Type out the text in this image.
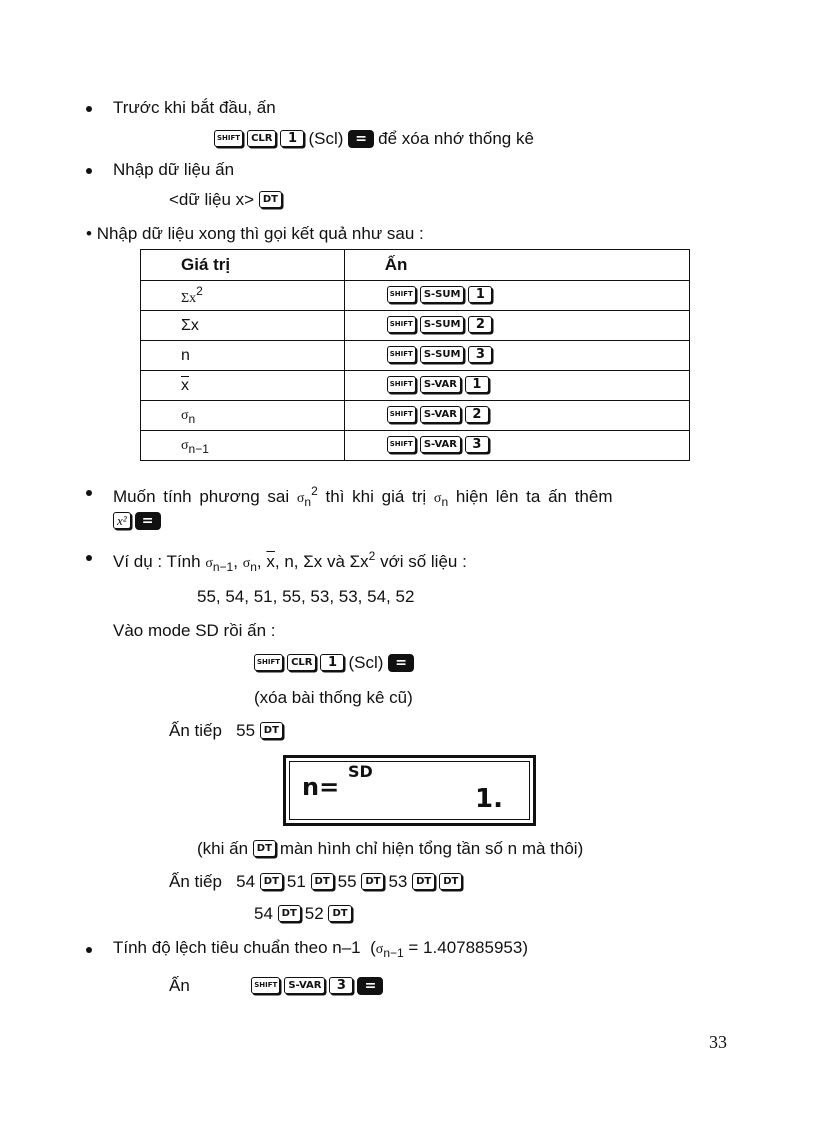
Trước khi bắt đầu, ấn
SHIFT CLR 1 (Scl) = để xóa nhớ thống kê
Nhập dữ liệu ấn
<dữ liệu x> DT
• Nhập dữ liệu xong thì gọi kết quả như sau :
Giá trị	Ấn
$\Sigma x^2$	SHIFT S-SUM 1
Σx	SHIFT S-SUM 2
n	SHIFT S-SUM 3
$\overline{x}$	SHIFT S-VAR 1
$\sigma_n$	SHIFT S-VAR 2
$\sigma_{n-1}$	SHIFT S-VAR 3
Muốn tính phương sai $\sigma_n^2$ thì khi giá trị $\sigma_n$ hiện lên ta ấn thêm
x² =
Ví dụ : Tính $\sigma_{n-1}$, $\sigma_n$, $\overline{x}$, n, Σx và $\Sigma x^2$ với số liệu :
55, 54, 51, 55, 53, 53, 54, 52
Vào mode SD rồi ấn :
SHIFT CLR 1 (Scl) =
(xóa bài thống kê cũ)
Ấn tiếp 55 DT
n=
SD
1.
(khi ấn DT màn hình chỉ hiện tổng tần số n mà thôi)
Ấn tiếp 54 DT 51 DT 55 DT 53 DT DT
54 DT 52 DT
Tính độ lệch tiêu chuẩn theo n–1 $(\sigma_{n-1} = 1.407885953)$
Ấn	SHIFT S-VAR 3 =
33
